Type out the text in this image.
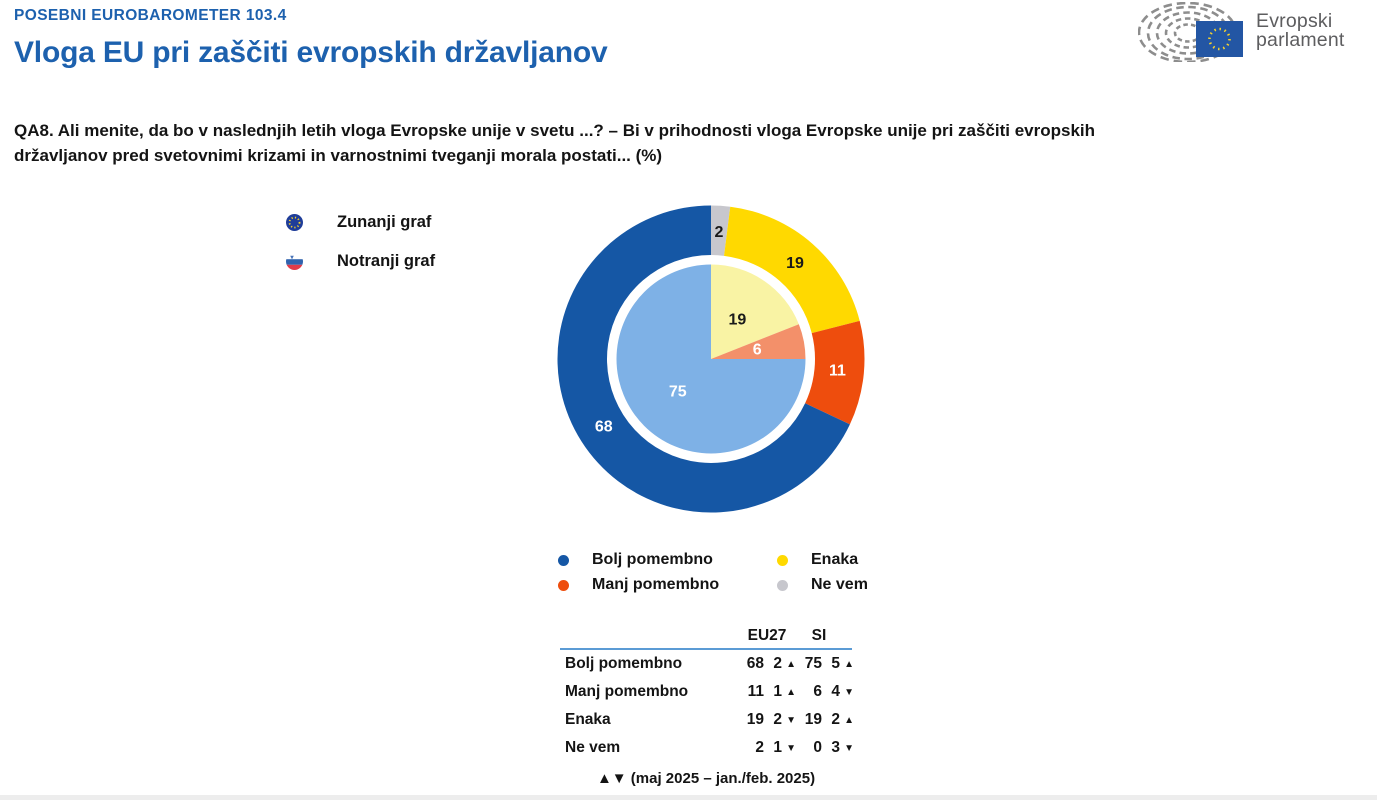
POSEBNI EUROBAROMETER 103.4
Vloga EU pri zaščiti evropskih državljanov
Evropski
parlament
QA8. Ali menite, da bo v naslednjih letih vloga Evropske unije v svetu ...? – Bi v prihodnosti vloga Evropske unije pri zaščiti evropskih
državljanov pred svetovnimi krizami in varnostnimi tveganji morala postati... (%)
Zunanji graf
Notranji graf
2
19
11
68
19
6
75
Bolj pomembno	Enaka
Manj pomembno	Ne vem
EU27	SI
Bolj pomembno	68 2 ▲ 75 5 ▲
Manj pomembno	11 1 ▲	6 4 ▼
Enaka	19 2 ▼ 19 2 ▲
Ne vem	2 1 ▼	0 3 ▼
▲▼ (maj 2025 – jan./feb. 2025)
